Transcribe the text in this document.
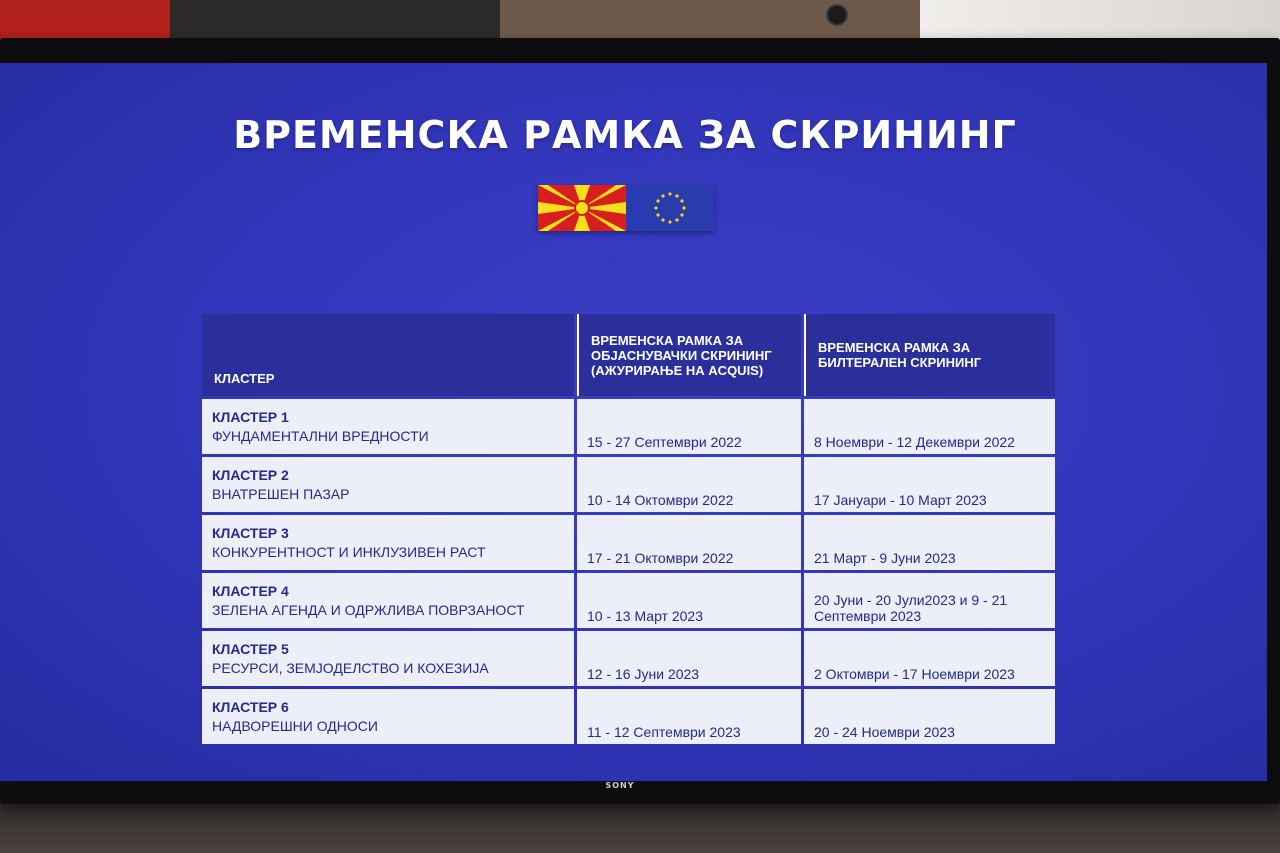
ВРЕМЕНСКА РАМКА ЗА СКРИНИНГ
КЛАСТЕР	ВРЕМЕНСКА РАМКА ЗА ОБЈАСНУВАЧКИ СКРИНИНГ (АЖУРИРАЊЕ НА ACQUIS)	ВРЕМЕНСКА РАМКА ЗА БИЛТЕРАЛЕН СКРИНИНГ

КЛАСТЕР 1
ФУНДАМЕНТАЛНИ ВРЕДНОСТИ	15 - 27 Септември 2022	8 Ноември - 12 Декември 2022

КЛАСТЕР 2
ВНАТРЕШЕН ПАЗАР	10 - 14 Октомври 2022	17 Јануари - 10 Март 2023

КЛАСТЕР 3
КОНКУРЕНТНОСТ И ИНКЛУЗИВЕН РАСТ	17 - 21 Октомври 2022	21 Март - 9 Јуни 2023

КЛАСТЕР 4
ЗЕЛЕНА АГЕНДА И ОДРЖЛИВА ПОВРЗАНОСТ	10 - 13 Март 2023	20 Јуни - 20 Јули2023 и 9 - 21 Септември 2023

КЛАСТЕР 5
РЕСУРСИ, ЗЕМЈОДЕЛСТВО И КОХЕЗИЈА	12 - 16 Јуни 2023	2 Октомври - 17 Ноември 2023

КЛАСТЕР 6
НАДВОРЕШНИ ОДНОСИ	11 - 12 Септември 2023	20 - 24 Ноември 2023
SONY
